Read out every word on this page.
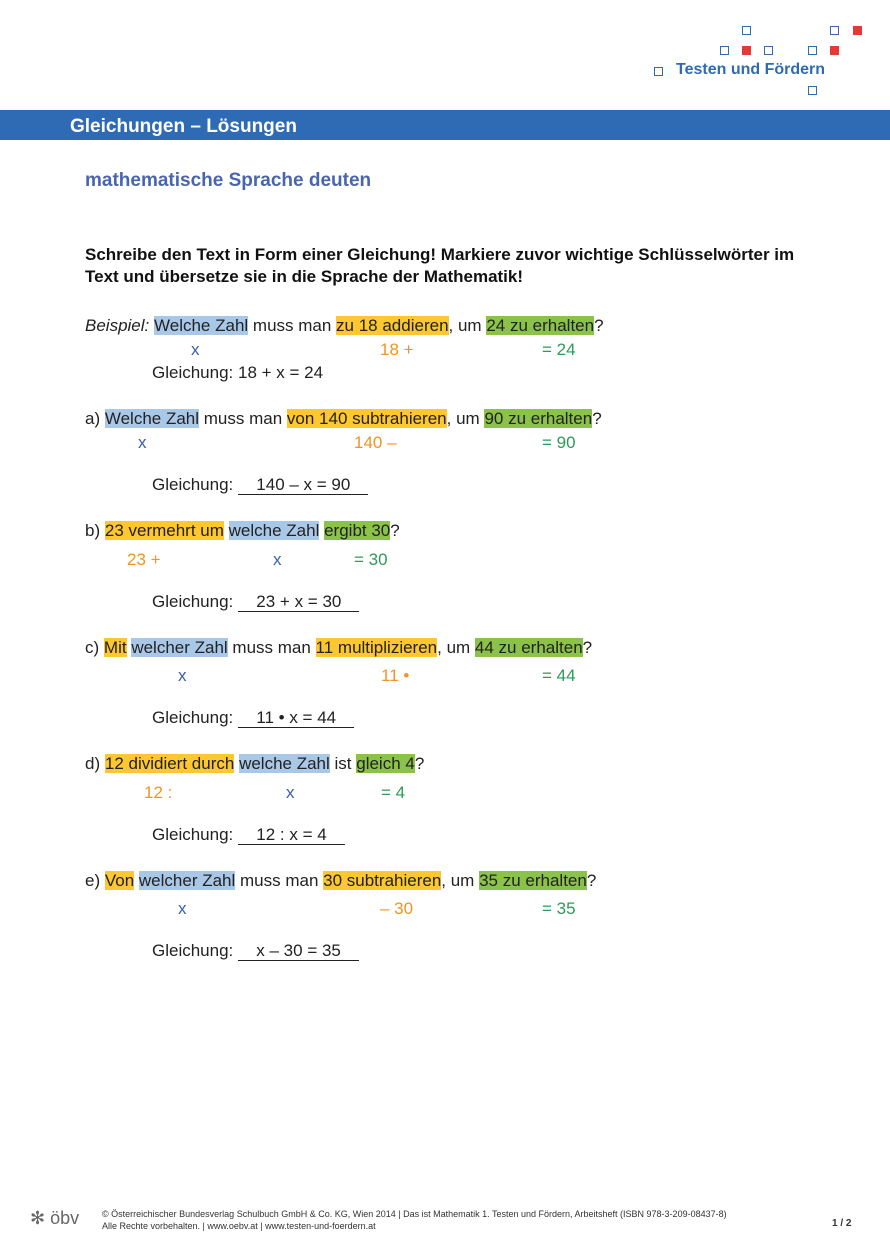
Testen und Fördern
Gleichungen – Lösungen
mathematische Sprache deuten
Schreibe den Text in Form einer Gleichung! Markiere zuvor wichtige Schlüsselwörter im Text und übersetze sie in die Sprache der Mathematik!
Beispiel: Welche Zahl muss man zu 18 addieren, um 24 zu erhalten?
x	18 +	= 24
Gleichung: 18 + x = 24
a) Welche Zahl muss man von 140 subtrahieren, um 90 zu erhalten?
x	140 –	= 90
Gleichung: 140 – x = 90
b) 23 vermehrt um welche Zahl ergibt 30?
23 +	x	= 30
Gleichung: 23 + x = 30
c) Mit welcher Zahl muss man 11 multiplizieren, um 44 zu erhalten?
x	11 •	= 44
Gleichung: 11 • x = 44
d) 12 dividiert durch welche Zahl ist gleich 4?
12 :	x	= 4
Gleichung: 12 : x = 4
e) Von welcher Zahl muss man 30 subtrahieren, um 35 zu erhalten?
x	– 30	= 35
Gleichung: x – 30 = 35
✻ öbv	© Österreichischer Bundesverlag Schulbuch GmbH & Co. KG, Wien 2014 | Das ist Mathematik 1. Testen und Fördern, Arbeitsheft (ISBN 978-3-209-08437-8)
Alle Rechte vorbehalten. | www.oebv.at | www.testen-und-foerdern.at	1 / 2
